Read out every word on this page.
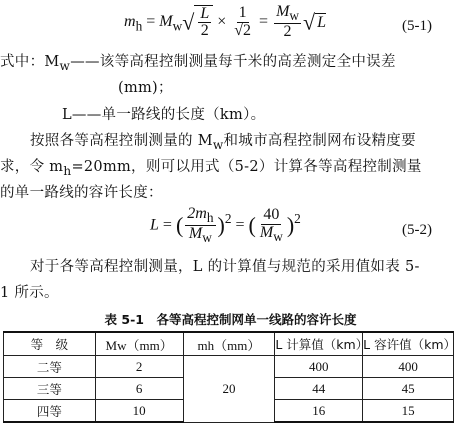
$m_h = M_w√ \frac{L}{2} \times \frac{1}{√2} = \frac{M_w}{2}$ √ L	(5-1)
式中：$M_w——$该等高程控制测量每千米的高差测定全中误差
(mm)；
L——单一路线的长度（km）。
按照各等高程控制测量的 $M_w$和城市高程控制网布设精度要
求，令 $m_h=20mm$，则可以用式（5-2）计算各等高程控制测量
的单一路线的容许长度：
L = ( $\frac{2m_h}{M_w} )^2$ = ( $\frac{40}{M_w} )^2$
(5-2)
对于各等高程控制测量，L 的计算值与规范的采用值如表 5-
1 所示。
表 5-1　各等高程控制网单一线路的容许长度
等　级	Mw（mm）	mh（mm）	L 计算值（km）	L 容许值（km）
二等	2	20	400	400
三等	6		44	45
四等	10		16	15
